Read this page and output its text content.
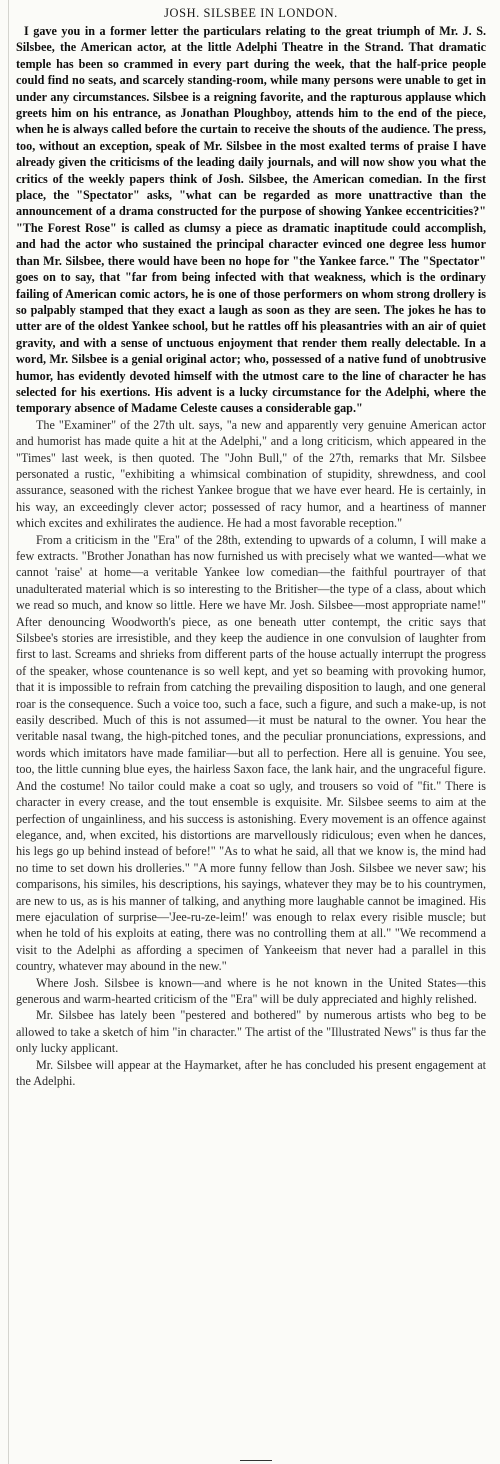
JOSH. SILSBEE IN LONDON.

I gave you in a former letter the particulars relating to the great triumph of Mr. J. S. Silsbee, the American actor, at the little Adelphi Theatre in the Strand. That dramatic temple has been so crammed in every part during the week, that the half-price people could find no seats, and scarcely standing-room, while many persons were unable to get in under any circumstances. Silsbee is a reigning favorite, and the rapturous applause which greets him on his entrance, as Jonathan Ploughboy, attends him to the end of the piece, when he is always called before the curtain to receive the shouts of the audience. The press, too, without an exception, speak of Mr. Silsbee in the most exalted terms of praise I have already given the criticisms of the leading daily journals, and will now show you what the critics of the weekly papers think of Josh. Silsbee, the American comedian. In the first place, the "Spectator" asks, "what can be regarded as more unattractive than the announcement of a drama constructed for the purpose of showing Yankee eccentricities?" "The Forest Rose" is called as clumsy a piece as dramatic inaptitude could accomplish, and had the actor who sustained the principal character evinced one degree less humor than Mr. Silsbee, there would have been no hope for "the Yankee farce." The "Spectator" goes on to say, that "far from being infected with that weakness, which is the ordinary failing of American comic actors, he is one of those performers on whom strong drollery is so palpably stamped that they exact a laugh as soon as they are seen. The jokes he has to utter are of the oldest Yankee school, but he rattles off his pleasantries with an air of quiet gravity, and with a sense of unctuous enjoyment that render them really delectable. In a word, Mr. Silsbee is a genial original actor; who, possessed of a native fund of unobtrusive humor, has evidently devoted himself with the utmost care to the line of character he has selected for his exertions. His advent is a lucky circumstance for the Adelphi, where the temporary absence of Madame Celeste causes a considerable gap."

The "Examiner" of the 27th ult. says, "a new and apparently very genuine American actor and humorist has made quite a hit at the Adelphi," and a long criticism, which appeared in the "Times" last week, is then quoted. The "John Bull," of the 27th, remarks that Mr. Silsbee personated a rustic, "exhibiting a whimsical combination of stupidity, shrewdness, and cool assurance, seasoned with the richest Yankee brogue that we have ever heard. He is certainly, in his way, an exceedingly clever actor; possessed of racy humor, and a heartiness of manner which excites and exhilirates the audience. He had a most favorable reception."

From a criticism in the "Era" of the 28th, extending to upwards of a column, I will make a few extracts. "Brother Jonathan has now furnished us with precisely what we wanted—what we cannot 'raise' at home—a veritable Yankee low comedian—the faithful pourtrayer of that unadulterated material which is so interesting to the Britisher—the type of a class, about which we read so much, and know so little. Here we have Mr. Josh. Silsbee—most appropriate name!" After denouncing Woodworth's piece, as one beneath utter contempt, the critic says that Silsbee's stories are irresistible, and they keep the audience in one convulsion of laughter from first to last. Screams and shrieks from different parts of the house actually interrupt the progress of the speaker, whose countenance is so well kept, and yet so beaming with provoking humor, that it is impossible to refrain from catching the prevailing disposition to laugh, and one general roar is the consequence. Such a voice too, such a face, such a figure, and such a make-up, is not easily described. Much of this is not assumed—it must be natural to the owner. You hear the veritable nasal twang, the high-pitched tones, and the peculiar pronunciations, expressions, and words which imitators have made familiar—but all to perfection. Here all is genuine. You see, too, the little cunning blue eyes, the hairless Saxon face, the lank hair, and the ungraceful figure. And the costume! No tailor could make a coat so ugly, and trousers so void of "fit." There is character in every crease, and the tout ensemble is exquisite. Mr. Silsbee seems to aim at the perfection of ungainliness, and his success is astonishing. Every movement is an offence against elegance, and, when excited, his distortions are marvellously ridiculous; even when he dances, his legs go up behind instead of before!" "As to what he said, all that we know is, the mind had no time to set down his drolleries." "A more funny fellow than Josh. Silsbee we never saw; his comparisons, his similes, his descriptions, his sayings, whatever they may be to his countrymen, are new to us, as is his manner of talking, and anything more laughable cannot be imagined. His mere ejaculation of surprise—'Jee-ru-ze-leim!' was enough to relax every risible muscle; but when he told of his exploits at eating, there was no controlling them at all." "We recommend a visit to the Adelphi as affording a specimen of Yankeeism that never had a parallel in this country, whatever may abound in the new."

Where Josh. Silsbee is known—and where is he not known in the United States—this generous and warm-hearted criticism of the "Era" will be duly appreciated and highly relished.

Mr. Silsbee has lately been "pestered and bothered" by numerous artists who beg to be allowed to take a sketch of him "in character." The artist of the "Illustrated News" is thus far the only lucky applicant.

Mr. Silsbee will appear at the Haymarket, after he has concluded his present engagement at the Adelphi.
